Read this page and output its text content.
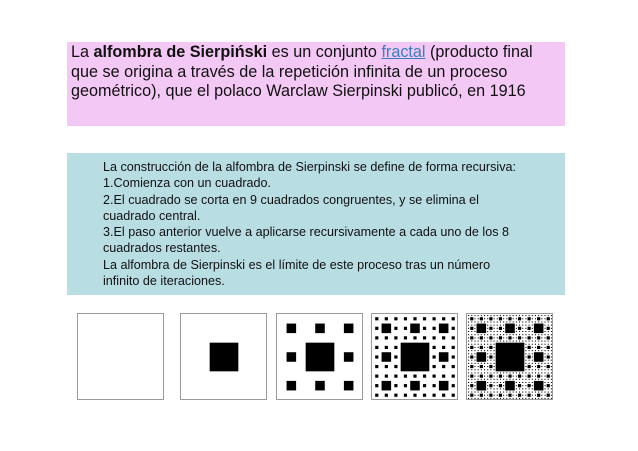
La alfombra de Sierpiński es un conjunto fractal (producto final que se origina a través de la repetición infinita de un proceso geométrico), que el polaco Warclaw Sierpinski publicó, en 1916
La construcción de la alfombra de Sierpinski se define de forma recursiva:
1.Comienza con un cuadrado.
2.El cuadrado se corta en 9 cuadrados congruentes, y se elimina el
cuadrado central.
3.El paso anterior vuelve a aplicarse recursivamente a cada uno de los 8
cuadrados restantes.
La alfombra de Sierpinski es el límite de este proceso tras un número
infinito de iteraciones.
